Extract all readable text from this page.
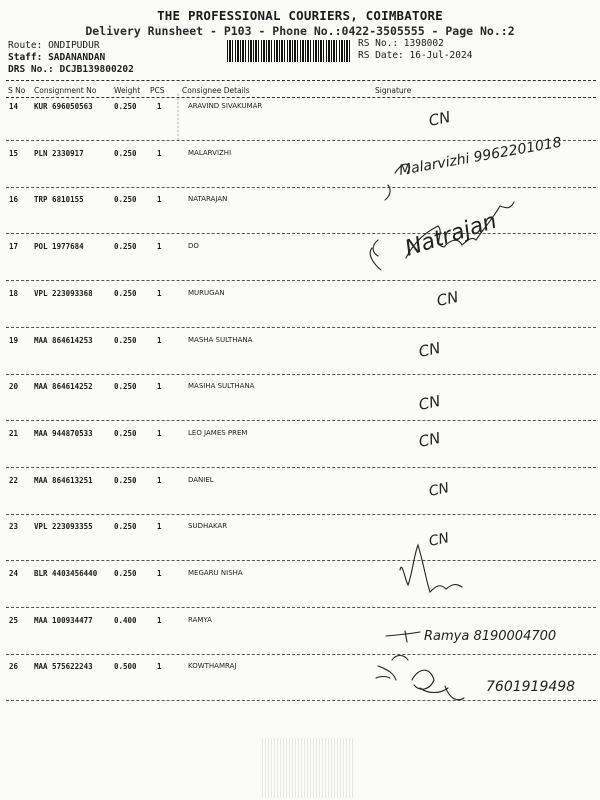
THE PROFESSIONAL COURIERS, COIMBATORE
Delivery Runsheet - P103 - Phone No.:0422-3505555 - Page No.:2
Route: ONDIPUDUR
Staff: SADANANDAN
DRS No.: DCJB139800202
RS No.: 1398002
RS Date: 16-Jul-2024
S No Consignment No Weight PCS Consignee Details	Signature
14 KUR 696050563	0.250	1	ARAVIND SIVAKUMAR
15 PLN 2330917	0.250	1	MALARVIZHI
16 TRP 6810155	0.250	1	NATARAJAN
17 POL 1977684	0.250	1	DO
18 VPL 223093368	0.250	1	MURUGAN
19 MAA 864614253	0.250	1	MASHA SULTHANA
20 MAA 864614252	0.250	1	MASIHA SULTHANA
21 MAA 944870533	0.250	1	LEO JAMES PREM
22 MAA 864613251	0.250	1	DANIEL
23 VPL 223093355	0.250	1	SUDHAKAR
24 BLR 4403456440 0.250	1	MEGARU NISHA
25 MAA 100934477	0.400	1	RAMYA
26 MAA 575622243	0.500	1	KOWTHAMRAJ
CN
Malarvizhi 9962201018
Natrajan
CN
CN
CN
CN
CN
CN
Ramya 8190004700
7601919498
